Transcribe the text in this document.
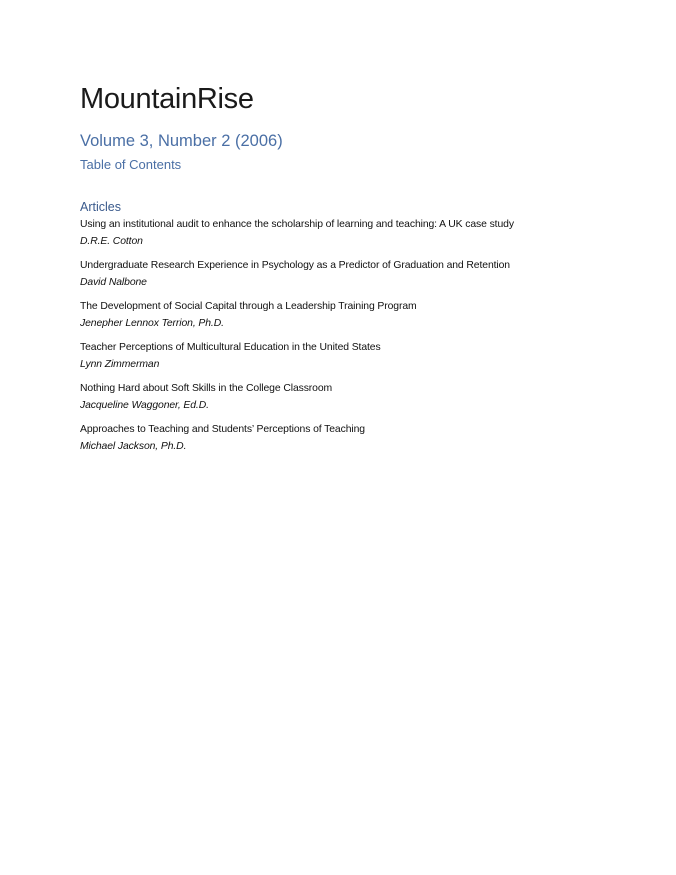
MountainRise
Volume 3, Number 2 (2006)
Table of Contents
Articles
Using an institutional audit to enhance the scholarship of learning and teaching: A UK case study
D.R.E. Cotton
Undergraduate Research Experience in Psychology as a Predictor of Graduation and Retention
David Nalbone
The Development of Social Capital through a Leadership Training Program
Jenepher Lennox Terrion, Ph.D.
Teacher Perceptions of Multicultural Education in the United States
Lynn Zimmerman
Nothing Hard about Soft Skills in the College Classroom
Jacqueline Waggoner, Ed.D.
Approaches to Teaching and Students’ Perceptions of Teaching
Michael Jackson, Ph.D.
